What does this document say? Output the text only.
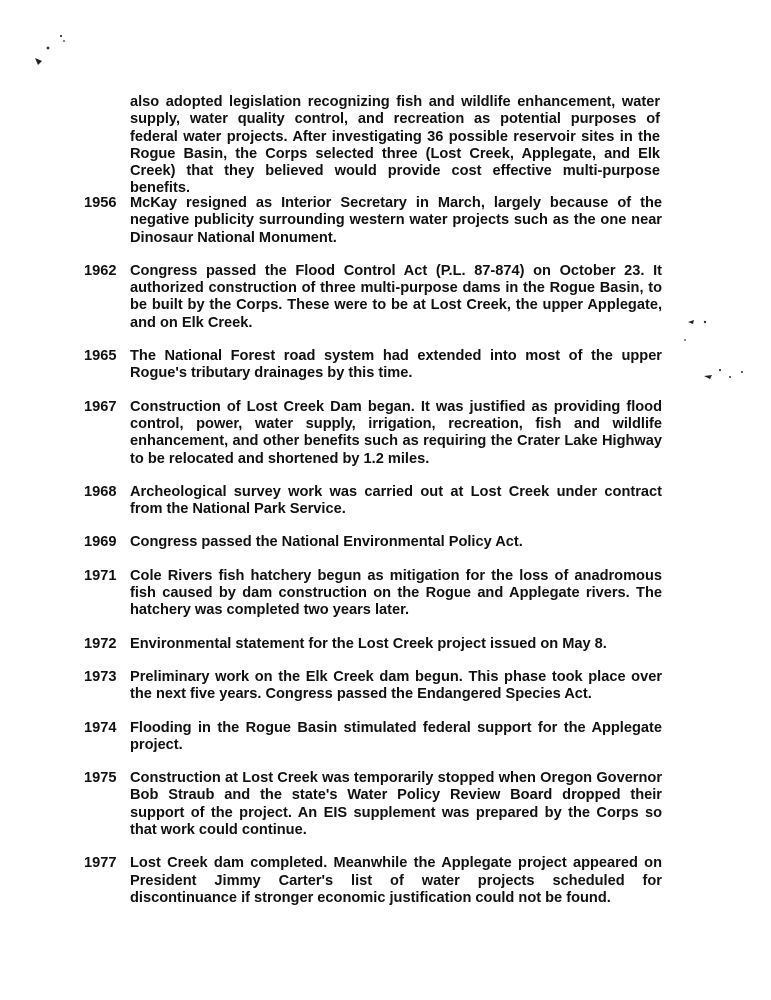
also adopted legislation recognizing fish and wildlife enhancement, water supply, water quality control, and recreation as potential purposes of federal water projects. After investigating 36 possible reservoir sites in the Rogue Basin, the Corps selected three (Lost Creek, Applegate, and Elk Creek) that they believed would provide cost effective multi-purpose benefits.
1956 McKay resigned as Interior Secretary in March, largely because of the negative publicity surrounding western water projects such as the one near Dinosaur National Monument.
1962 Congress passed the Flood Control Act (P.L. 87-874) on October 23. It authorized construction of three multi-purpose dams in the Rogue Basin, to be built by the Corps. These were to be at Lost Creek, the upper Applegate, and on Elk Creek.
1965 The National Forest road system had extended into most of the upper Rogue's tributary drainages by this time.
1967 Construction of Lost Creek Dam began. It was justified as providing flood control, power, water supply, irrigation, recreation, fish and wildlife enhancement, and other benefits such as requiring the Crater Lake Highway to be relocated and shortened by 1.2 miles.
1968 Archeological survey work was carried out at Lost Creek under contract from the National Park Service.
1969 Congress passed the National Environmental Policy Act.
1971 Cole Rivers fish hatchery begun as mitigation for the loss of anadromous fish caused by dam construction on the Rogue and Applegate rivers. The hatchery was completed two years later.
1972 Environmental statement for the Lost Creek project issued on May 8.
1973 Preliminary work on the Elk Creek dam begun. This phase took place over the next five years. Congress passed the Endangered Species Act.
1974 Flooding in the Rogue Basin stimulated federal support for the Applegate project.
1975 Construction at Lost Creek was temporarily stopped when Oregon Governor Bob Straub and the state's Water Policy Review Board dropped their support of the project. An EIS supplement was prepared by the Corps so that work could continue.
1977 Lost Creek dam completed. Meanwhile the Applegate project appeared on President Jimmy Carter's list of water projects scheduled for discontinuance if stronger economic justification could not be found.
